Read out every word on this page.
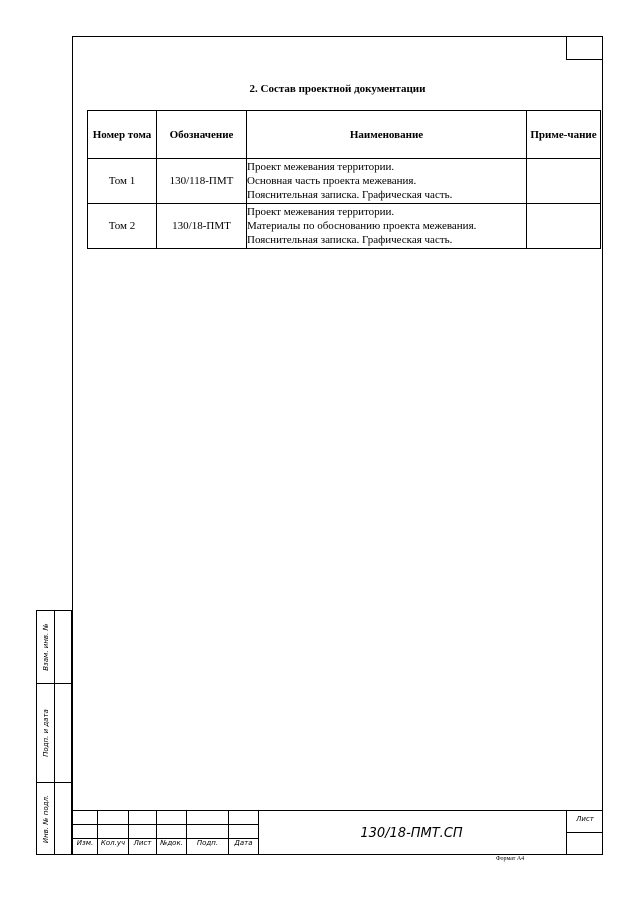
2. Состав проектной документации
Номер тома	Обозначение	Наименование	Приме-чание
Том 1	130/118-ПМТ	Проект межевания территории.
Основная часть проекта межевания.
Пояснительная записка. Графическая часть.	

Том 2	130/18-ПМТ	Проект межевания территории.
Материалы по обоснованию проекта межевания.
Пояснительная записка. Графическая часть.	

Взам. инв. №
Подп. и дата
Инв. № подл.
Изм.	Кол.уч	Лист	№док.	Подп.	Дата
130/18-ПМТ.СП
Лист
Формат А4
